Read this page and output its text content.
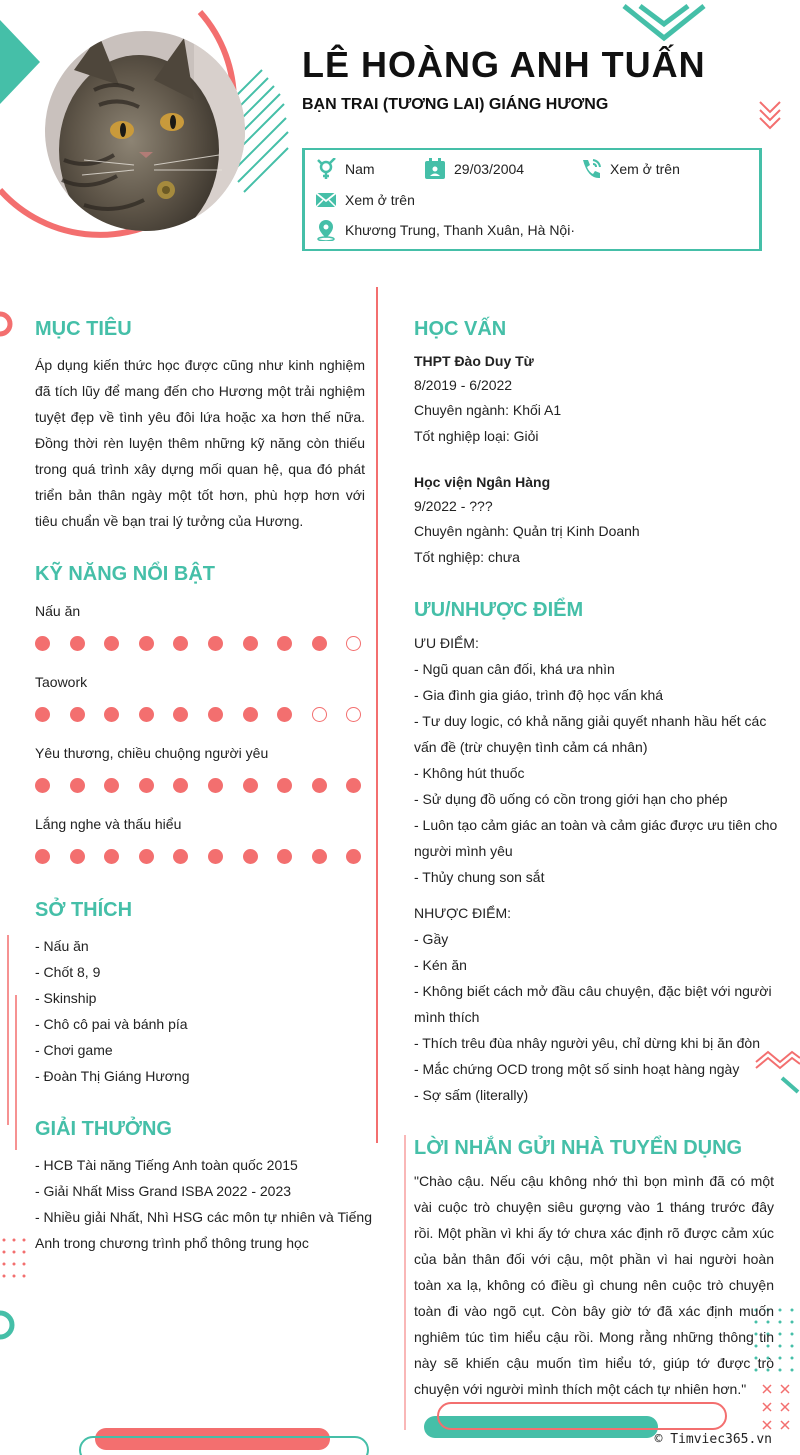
LÊ HOÀNG ANH TUẤN
BẠN TRAI (TƯƠNG LAI) GIÁNG HƯƠNG
Nam	29/03/2004	Xem ở trên
Xem ở trên
Khương Trung, Thanh Xuân, Hà Nội·
MỤC TIÊU
Áp dụng kiến thức học được cũng như kinh nghiệm đã tích lũy để mang đến cho Hương một trải nghiệm tuyệt đẹp về tình yêu đôi lứa hoặc xa hơn thế nữa. Đồng thời rèn luyện thêm những kỹ năng còn thiếu trong quá trình xây dựng mối quan hệ, qua đó phát triển bản thân ngày một tốt hơn, phù hợp hơn với tiêu chuẩn về bạn trai lý tưởng của Hương.
KỸ NĂNG NỔI BẬT
Nấu ăn
Taowork
Yêu thương, chiều chuộng người yêu
Lắng nghe và thấu hiểu
SỞ THÍCH
- Nấu ăn
- Chốt 8, 9
- Skinship
- Chô cô pai và bánh pía
- Chơi game
- Đoàn Thị Giáng Hương
GIẢI THƯỞNG
- HCB Tài năng Tiếng Anh toàn quốc 2015
- Giải Nhất Miss Grand ISBA 2022 - 2023
- Nhiều giải Nhất, Nhì HSG các môn tự nhiên và Tiếng
Anh trong chương trình phổ thông trung học
HỌC VẤN
THPT Đào Duy Từ
8/2019 - 6/2022
Chuyên ngành: Khối A1
Tốt nghiệp loại: Giỏi
Học viện Ngân Hàng
9/2022 - ???
Chuyên ngành: Quản trị Kinh Doanh
Tốt nghiệp: chưa
ƯU/NHƯỢC ĐIỂM
ƯU ĐIỂM:
- Ngũ quan cân đối, khá ưa nhìn
- Gia đình gia giáo, trình độ học vấn khá
- Tư duy logic, có khả năng giải quyết nhanh hầu hết các
vấn đề (trừ chuyện tình cảm cá nhân)
- Không hút thuốc
- Sử dụng đồ uống có cồn trong giới hạn cho phép
- Luôn tạo cảm giác an toàn và cảm giác được ưu tiên cho
người mình yêu
- Thủy chung son sắt
NHƯỢC ĐIỂM:
- Gầy
- Kén ăn
- Không biết cách mở đầu câu chuyện, đặc biệt với người
mình thích
- Thích trêu đùa nhây người yêu, chỉ dừng khi bị ăn đòn
- Mắc chứng OCD trong một số sinh hoạt hàng ngày
- Sợ sấm (literally)
LỜI NHẮN GỬI NHÀ TUYỂN DỤNG
"Chào cậu. Nếu cậu không nhớ thì bọn mình đã có một vài cuộc trò chuyện siêu gượng vào 1 tháng trước đây rồi. Một phần vì khi ấy tớ chưa xác định rõ được cảm xúc của bản thân đối với cậu, một phần vì hai người hoàn toàn xa lạ, không có điều gì chung nên cuộc trò chuyện toàn đi vào ngõ cụt. Còn bây giờ tớ đã xác định muốn nghiêm túc tìm hiểu cậu rồi. Mong rằng những thông tin này sẽ khiến cậu muốn tìm hiểu tớ, giúp tớ được trò chuyện với người mình thích một cách tự nhiên hơn."
© Timviec365.vn
